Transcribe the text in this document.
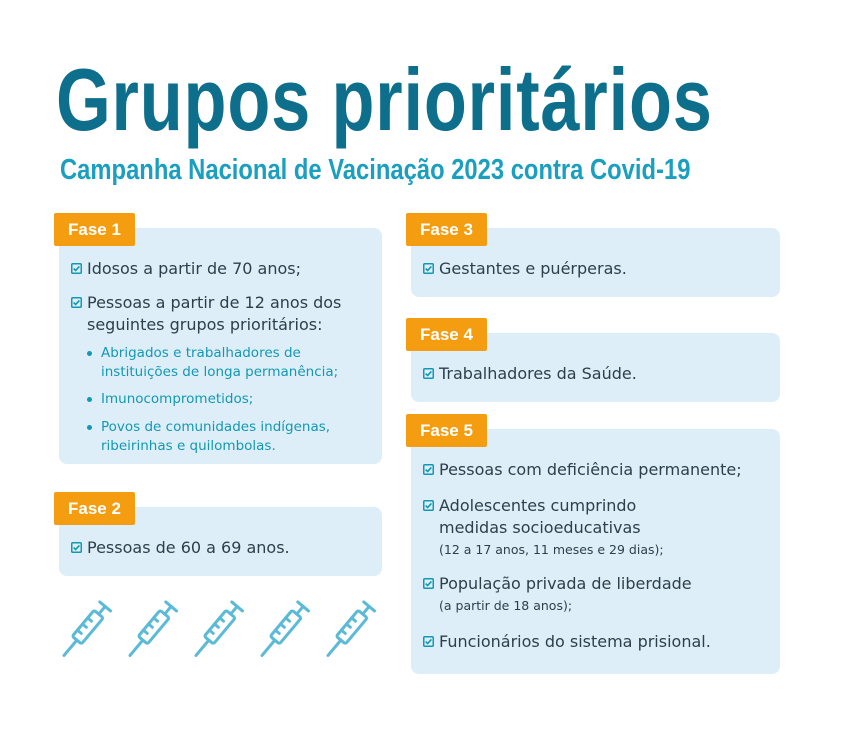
Grupos prioritários
Campanha Nacional de Vacinação 2023 contra Covid-19
Idosos a partir de 70 anos;
Pessoas a partir de 12 anos dos seguintes grupos prioritários:
Abrigados e trabalhadores de instituições de longa permanência;
Imunocomprometidos;
Povos de comunidades indígenas, ribeirinhas e quilombolas.
Fase 1
Pessoas de 60 a 69 anos.
Fase 2
Gestantes e puérperas.
Fase 3
Trabalhadores da Saúde.
Fase 4
Pessoas com deficiência permanente;
Adolescentes cumprindo medidas socioeducativas
(12 a 17 anos, 11 meses e 29 dias);
População privada de liberdade
(a partir de 18 anos);
Funcionários do sistema prisional.
Fase 5
